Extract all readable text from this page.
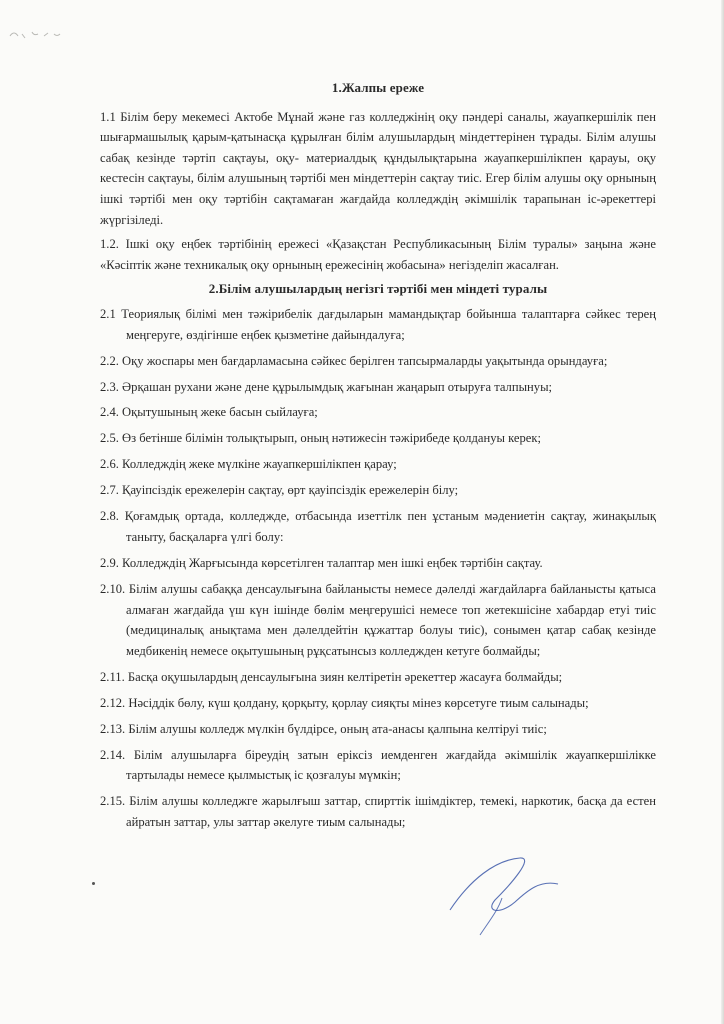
1.Жалпы ереже

1.1 Білім беру мекемесі Актобе Мұнай және газ колледжінің оқу пәндері саналы, жауапкершілік пен шығармашылық қарым-қатынасқа құрылған білім алушылардың міндеттерінен тұрады. Білім алушы сабақ кезінде тәртіп сақтауы, оқу- материалдық құндылықтарына жауапкершілікпен қарауы, оқу кестесін сақтауы, білім алушының тәртібі мен міндеттерін сақтау тиіс. Егер білім алушы оқу орнының ішкі тәртібі мен оқу тәртібін сақтамаған жағдайда колледждің әкімшілік тарапынан іс-әрекеттері жүргізіледі.

1.2. Ішкі оқу еңбек тәртібінің ережесі «Қазақстан Республикасының Білім туралы» заңына және «Кәсіптік және техникалық оқу орнының ережесінің жобасына» негізделіп жасалған.

2.Білім алушылардың негізгі тәртібі мен міндеті туралы

2.1 Теориялық білімі мен тәжірибелік дағдыларын мамандықтар бойынша талаптарға сәйкес терең меңгеруге, өздігінше еңбек қызметіне дайындалуға;

2.2. Оқу жоспары мен бағдарламасына сәйкес берілген тапсырмаларды уақытында орындауға;

2.3. Әрқашан рухани және дене құрылымдық жағынан жаңарып отыруға талпынуы;

2.4. Оқытушының жеке басын сыйлауға;

2.5. Өз бетінше білімін толықтырып, оның нәтижесін тәжірибеде қолдануы керек;

2.6. Колледждің жеке мүлкіне жауапкершілікпен қарау;

2.7. Қауіпсіздік ережелерін сақтау, өрт қауіпсіздік ережелерін білу;

2.8. Қоғамдық ортада, колледжде, отбасында изеттілк пен ұстаным мәдениетін сақтау, жинақылық таныту, басқаларға үлгі болу:

2.9. Колледждің Жарғысында көрсетілген талаптар мен ішкі еңбек тәртібін сақтау.

2.10. Білім алушы сабаққа денсаулығына байланысты немесе дәлелді жағдайларға байланысты қатыса алмаған жағдайда үш күн ішінде бөлім меңгерушісі немесе топ жетекшісіне хабардар етуі тиіс (медициналық анықтама мен дәлелдейтін құжаттар болуы тиіс), сонымен қатар сабақ кезінде медбикенің немесе оқытушының рұқсатынсыз колледжден кетуге болмайды;

2.11. Басқа оқушылардың денсаулығына зиян келтіретін әрекеттер жасауға болмайды;

2.12. Нәсіддік бөлу, күш қолдану, қорқыту, қорлау сияқты мінез көрсетуге тиым салынады;

2.13. Білім алушы колледж мүлкін бүлдірсе, оның ата-анасы қалпына келтіруі тиіс;

2.14. Білім алушыларға біреудің затын еріксіз иемденген жағдайда әкімшілік жауапкершілікке тартылады немесе қылмыстық іс қозғалуы мүмкін;

2.15. Білім алушы колледжге жарылғыш заттар, спирттік ішімдіктер, темекі, наркотик, басқа да естен айратын заттар, улы заттар әкелуге тиым салынады;
